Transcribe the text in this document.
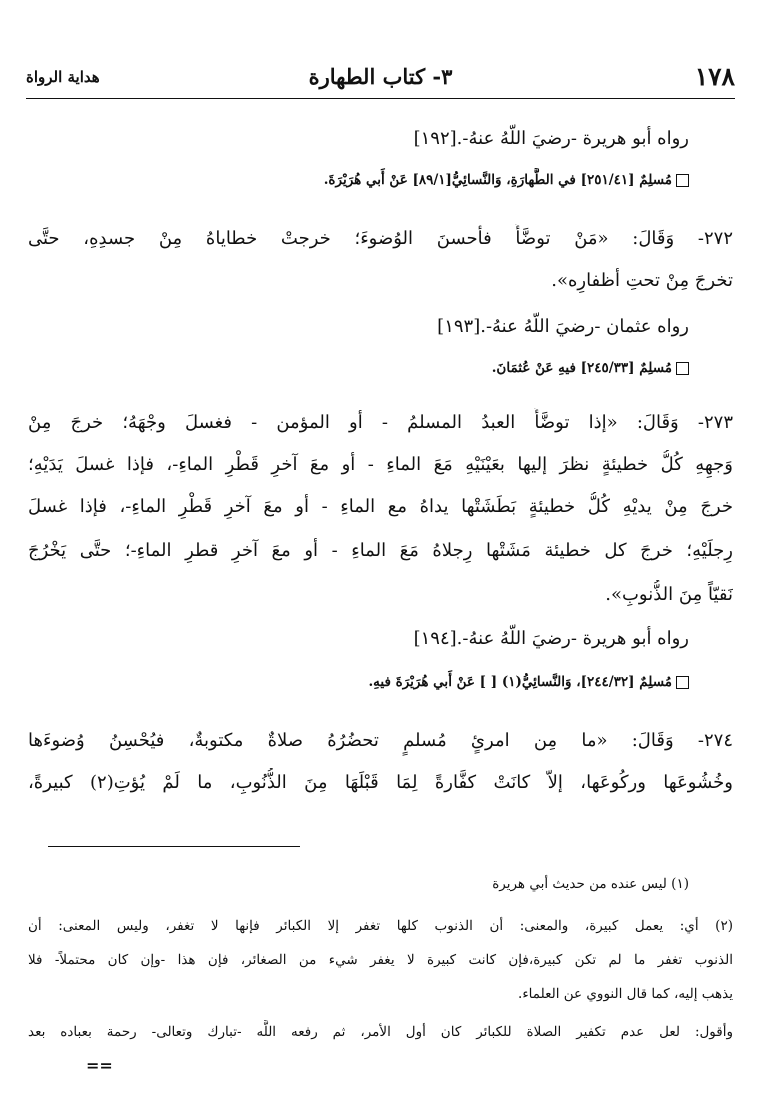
١٧٨
٣- كتاب الطهارة
هداية الرواة
رواه أبو هريرة -رضيَ اللَّهُ عنهُ-.[١٩٢]
مُسلِمٌ [٢٥١/٤١] في الطَّهارَةِ، وَالنَّسائِيُّ[٨٩/١] عَنْ أَبي هُرَيْرَةَ.
٢٧٢- وَقَالَ: «مَنْ توضَّأَ فأحسنَ الوُضوءَ؛ خرجتْ خطاياهُ مِنْ جسدِهِ، حتَّى
تخرجَ مِنْ تحتِ أظفارِه».
رواه عثمان -رضيَ اللَّهُ عنهُ-.[١٩٣]
مُسلِمٌ [٢٤٥/٣٣] فيهِ عَنْ عُثمَانَ.
٢٧٣- وَقَالَ: «إذا توضَّأَ العبدُ المسلمُ - أو المؤمن - فغسلَ وجْهَهُ؛ خرجَ مِنْ
وَجهِهِ كُلُّ خطيئةٍ نظرَ إليها بعَيْنَيْهِ مَعَ الماءِ - أو معَ آخرِ قَطْرِ الماءِ-، فإذا غسلَ يَدَيْهِ؛
خرجَ مِنْ يديْهِ كُلُّ خطيئةٍ بَطَشَتْها يداهُ مع الماءِ - أو معَ آخرِ قَطْرِ الماءِ-، فإذا غسلَ
رِجلَيْهِ؛ خرجَ كل خطيئة مَشَتْها رِجلاهُ مَعَ الماءِ - أو معَ آخرِ قطرِ الماءِ-؛ حتَّى يَخْرُجَ
نَقيّاً مِنَ الذُّنوبِ».
رواه أبو هريرة -رضيَ اللَّهُ عنهُ-.[١٩٤]
مُسلِمٌ [٢٤٤/٣٢]، وَالنَّسائِيُّ(١) [ ] عَنْ أَبي هُرَيْرَةَ فيهِ.
٢٧٤- وَقَالَ: «ما مِن امرئٍ مُسلمٍ تحضُرُهُ صلاةٌ مكتوبةٌ، فيُحْسِنُ وُضوءَها
وخُشُوعَها وركُوعَها، إلاّ كانَتْ كفَّارةً لِمَا قَبْلَهَا مِنَ الذُّنُوبِ، ما لَمْ يُؤتِ(٢) كبيرةً،
(١) ليس عنده من حديث أبي هريرة
(٢) أي: يعمل كبيرة، والمعنى: أن الذنوب كلها تغفر إلا الكبائر فإنها لا تغفر، وليس المعنى: أن
الذنوب تغفر ما لم تكن كبيرة،فإن كانت كبيرة لا يغفر شيء من الصغائر، فإن هذا -وإن كان محتملاً- فلا
يذهب إليه، كما قال النووي عن العلماء.
وأقول: لعل عدم تكفير الصلاة للكبائر كان أول الأمر، ثم رفعه اللَّه -تبارك وتعالى- رحمة بعباده بعد
==
